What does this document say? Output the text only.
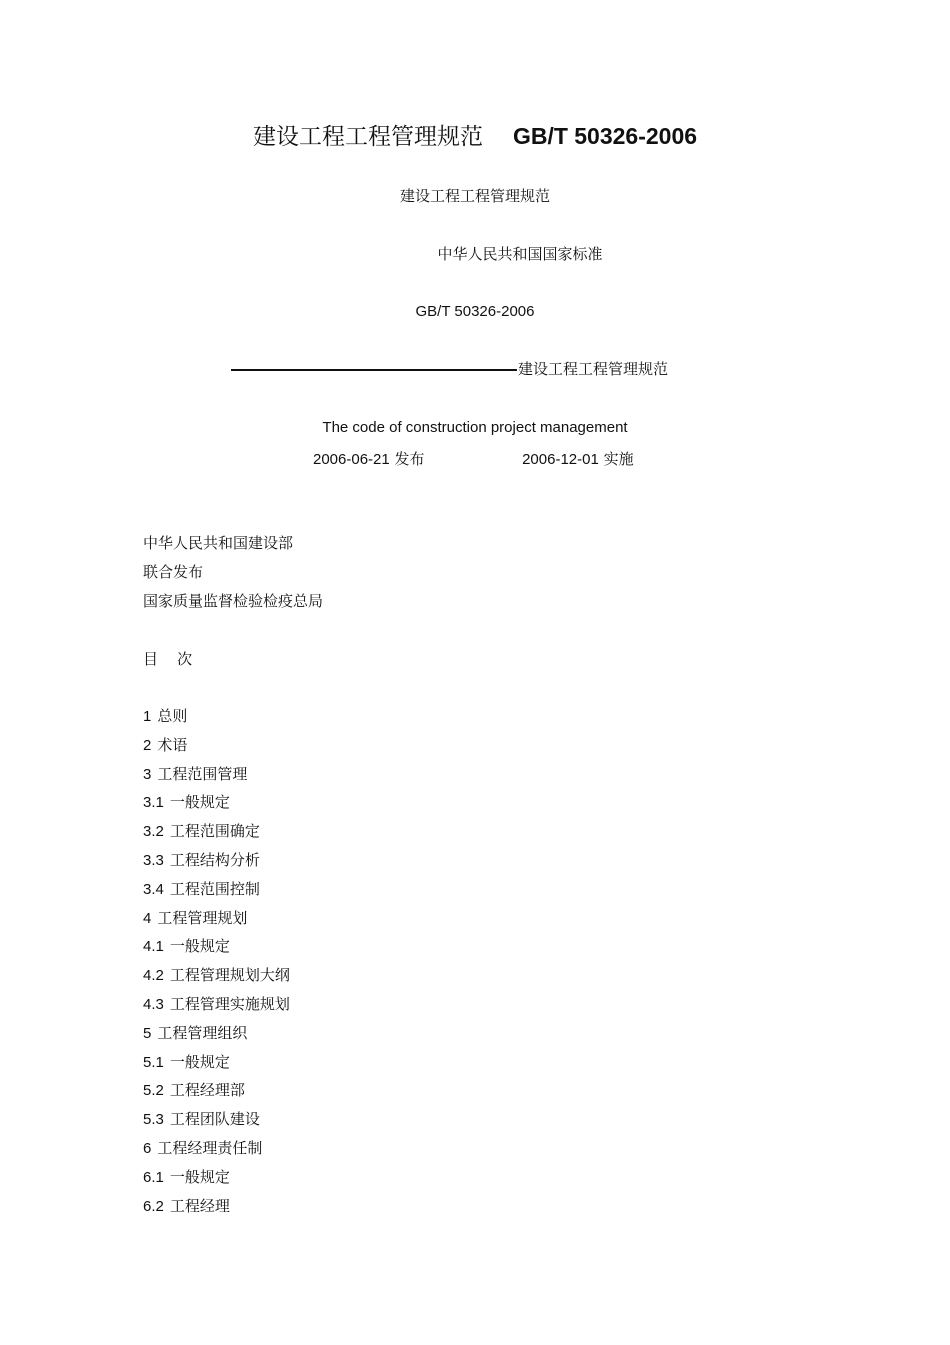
建设工程工程管理规范 GB/T 50326-2006
建设工程工程管理规范
中华人民共和国国家标准
GB/T 50326-2006
建设工程工程管理规范
The code of construction project management
2006-06-21 发布	2006-12-01 实施
中华人民共和国建设部
联合发布
国家质量监督检验检疫总局
目    次
1 总则
2 术语
3 工程范围管理
3.1 一般规定
3.2 工程范围确定
3.3 工程结构分析
3.4 工程范围控制
4 工程管理规划
4.1 一般规定
4.2 工程管理规划大纲
4.3 工程管理实施规划
5 工程管理组织
5.1 一般规定
5.2 工程经理部
5.3 工程团队建设
6 工程经理责任制
6.1 一般规定
6.2 工程经理
